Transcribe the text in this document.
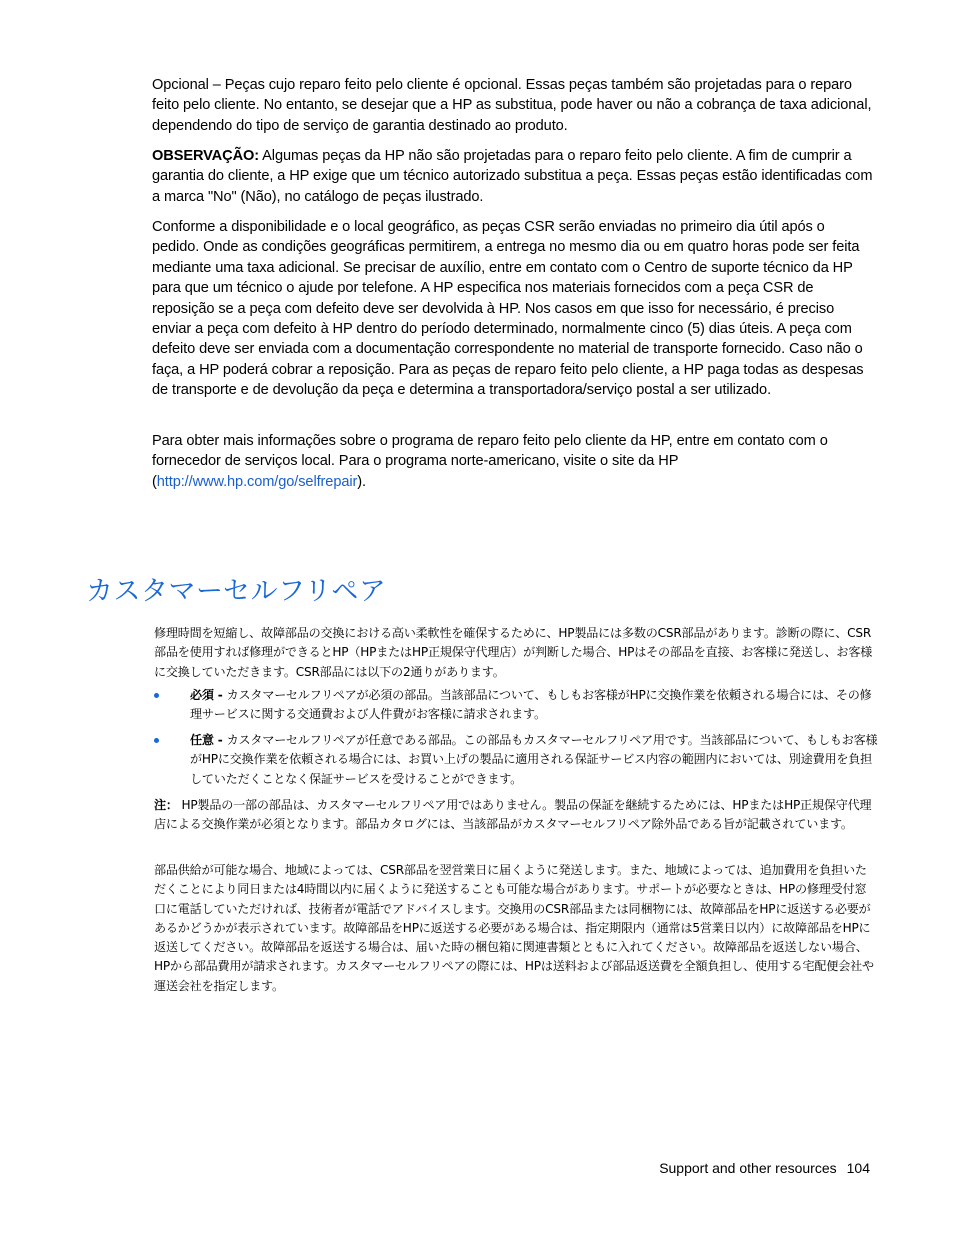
Opcional – Peças cujo reparo feito pelo cliente é opcional. Essas peças também são projetadas para o reparo feito pelo cliente. No entanto, se desejar que a HP as substitua, pode haver ou não a cobrança de taxa adicional, dependendo do tipo de serviço de garantia destinado ao produto.

OBSERVAÇÃO: Algumas peças da HP não são projetadas para o reparo feito pelo cliente. A fim de cumprir a garantia do cliente, a HP exige que um técnico autorizado substitua a peça. Essas peças estão identificadas com a marca "No" (Não), no catálogo de peças ilustrado.

Conforme a disponibilidade e o local geográfico, as peças CSR serão enviadas no primeiro dia útil após o pedido. Onde as condições geográficas permitirem, a entrega no mesmo dia ou em quatro horas pode ser feita mediante uma taxa adicional. Se precisar de auxílio, entre em contato com o Centro de suporte técnico da HP para que um técnico o ajude por telefone. A HP especifica nos materiais fornecidos com a peça CSR de reposição se a peça com defeito deve ser devolvida à HP. Nos casos em que isso for necessário, é preciso enviar a peça com defeito à HP dentro do período determinado, normalmente cinco (5) dias úteis. A peça com defeito deve ser enviada com a documentação correspondente no material de transporte fornecido. Caso não o faça, a HP poderá cobrar a reposição. Para as peças de reparo feito pelo cliente, a HP paga todas as despesas de transporte e de devolução da peça e determina a transportadora/serviço postal a ser utilizado.

Para obter mais informações sobre o programa de reparo feito pelo cliente da HP, entre em contato com o fornecedor de serviços local. Para o programa norte-americano, visite o site da HP (http://www.hp.com/go/selfrepair).

カスタマーセルフリペア

修理時間を短縮し、故障部品の交換における高い柔軟性を確保するために、HP製品には多数のCSR部品があります。診断の際に、CSR部品を使用すれば修理ができるとHP（HPまたはHP正規保守代理店）が判断した場合、HPはその部品を直接、お客様に発送し、お客様に交換していただきます。CSR部品には以下の2通りがあります。

必須 - カスタマーセルフリペアが必須の部品。当該部品について、もしもお客様がHPに交換作業を依頼される場合には、その修理サービスに関する交通費および人件費がお客様に請求されます。
任意 - カスタマーセルフリペアが任意である部品。この部品もカスタマーセルフリペア用です。当該部品について、もしもお客様がHPに交換作業を依頼される場合には、お買い上げの製品に適用される保証サービス内容の範囲内においては、別途費用を負担していただくことなく保証サービスを受けることができます。

注： HP製品の一部の部品は、カスタマーセルフリペア用ではありません。製品の保証を継続するためには、HPまたはHP正規保守代理店による交換作業が必須となります。部品カタログには、当該部品がカスタマーセルフリペア除外品である旨が記載されています。

部品供給が可能な場合、地域によっては、CSR部品を翌営業日に届くように発送します。また、地域によっては、追加費用を負担いただくことにより同日または4時間以内に届くように発送することも可能な場合があります。サポートが必要なときは、HPの修理受付窓口に電話していただければ、技術者が電話でアドバイスします。交換用のCSR部品または同梱物には、故障部品をHPに返送する必要があるかどうかが表示されています。故障部品をHPに返送する必要がある場合は、指定期限内（通常は5営業日以内）に故障部品をHPに返送してください。故障部品を返送する場合は、届いた時の梱包箱に関連書類とともに入れてください。故障部品を返送しない場合、HPから部品費用が請求されます。カスタマーセルフリペアの際には、HPは送料および部品返送費を全額負担し、使用する宅配便会社や運送会社を指定します。

Support and other resources 104
